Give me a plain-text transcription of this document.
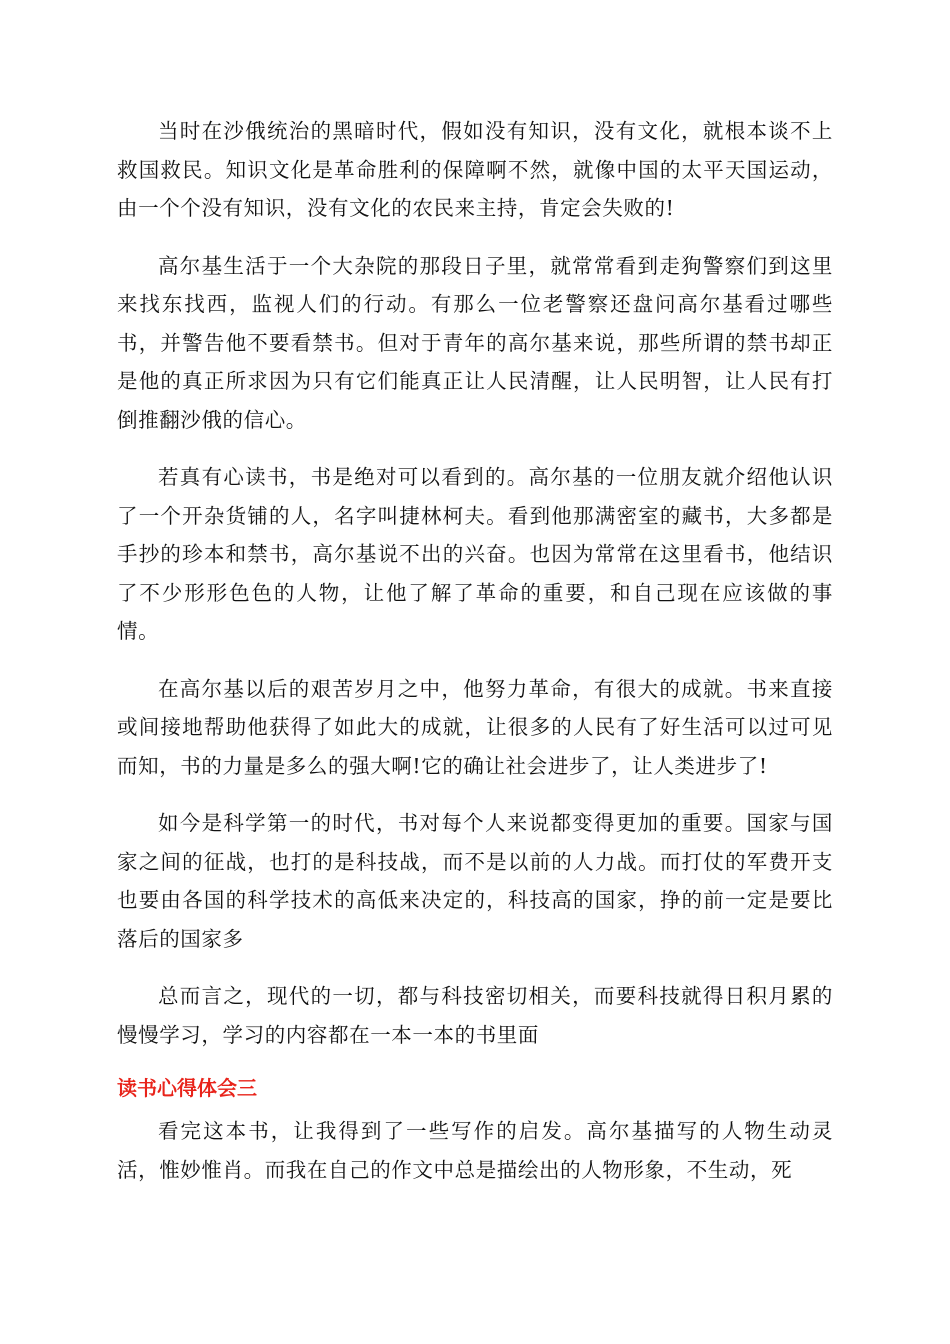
当时在沙俄统治的黑暗时代，假如没有知识，没有文化，就根本谈不上救国救民。知识文化是革命胜利的保障啊不然，就像中国的太平天国运动，由一个个没有知识，没有文化的农民来主持，肯定会失败的!

高尔基生活于一个大杂院的那段日子里，就常常看到走狗警察们到这里来找东找西，监视人们的行动。有那么一位老警察还盘问高尔基看过哪些书，并警告他不要看禁书。但对于青年的高尔基来说，那些所谓的禁书却正是他的真正所求因为只有它们能真正让人民清醒，让人民明智，让人民有打倒推翻沙俄的信心。

若真有心读书，书是绝对可以看到的。高尔基的一位朋友就介绍他认识了一个开杂货铺的人，名字叫捷林柯夫。看到他那满密室的藏书，大多都是手抄的珍本和禁书，高尔基说不出的兴奋。也因为常常在这里看书，他结识了不少形形色色的人物，让他了解了革命的重要，和自己现在应该做的事情。

在高尔基以后的艰苦岁月之中，他努力革命，有很大的成就。书来直接或间接地帮助他获得了如此大的成就，让很多的人民有了好生活可以过可见而知，书的力量是多么的强大啊!它的确让社会进步了，让人类进步了!

如今是科学第一的时代，书对每个人来说都变得更加的重要。国家与国家之间的征战，也打的是科技战，而不是以前的人力战。而打仗的军费开支也要由各国的科学技术的高低来决定的，科技高的国家，挣的前一定是要比落后的国家多

总而言之，现代的一切，都与科技密切相关，而要科技就得日积月累的慢慢学习，学习的内容都在一本一本的书里面

读书心得体会三

看完这本书，让我得到了一些写作的启发。高尔基描写的人物生动灵活，惟妙惟肖。而我在自己的作文中总是描绘出的人物形象，不生动，死
